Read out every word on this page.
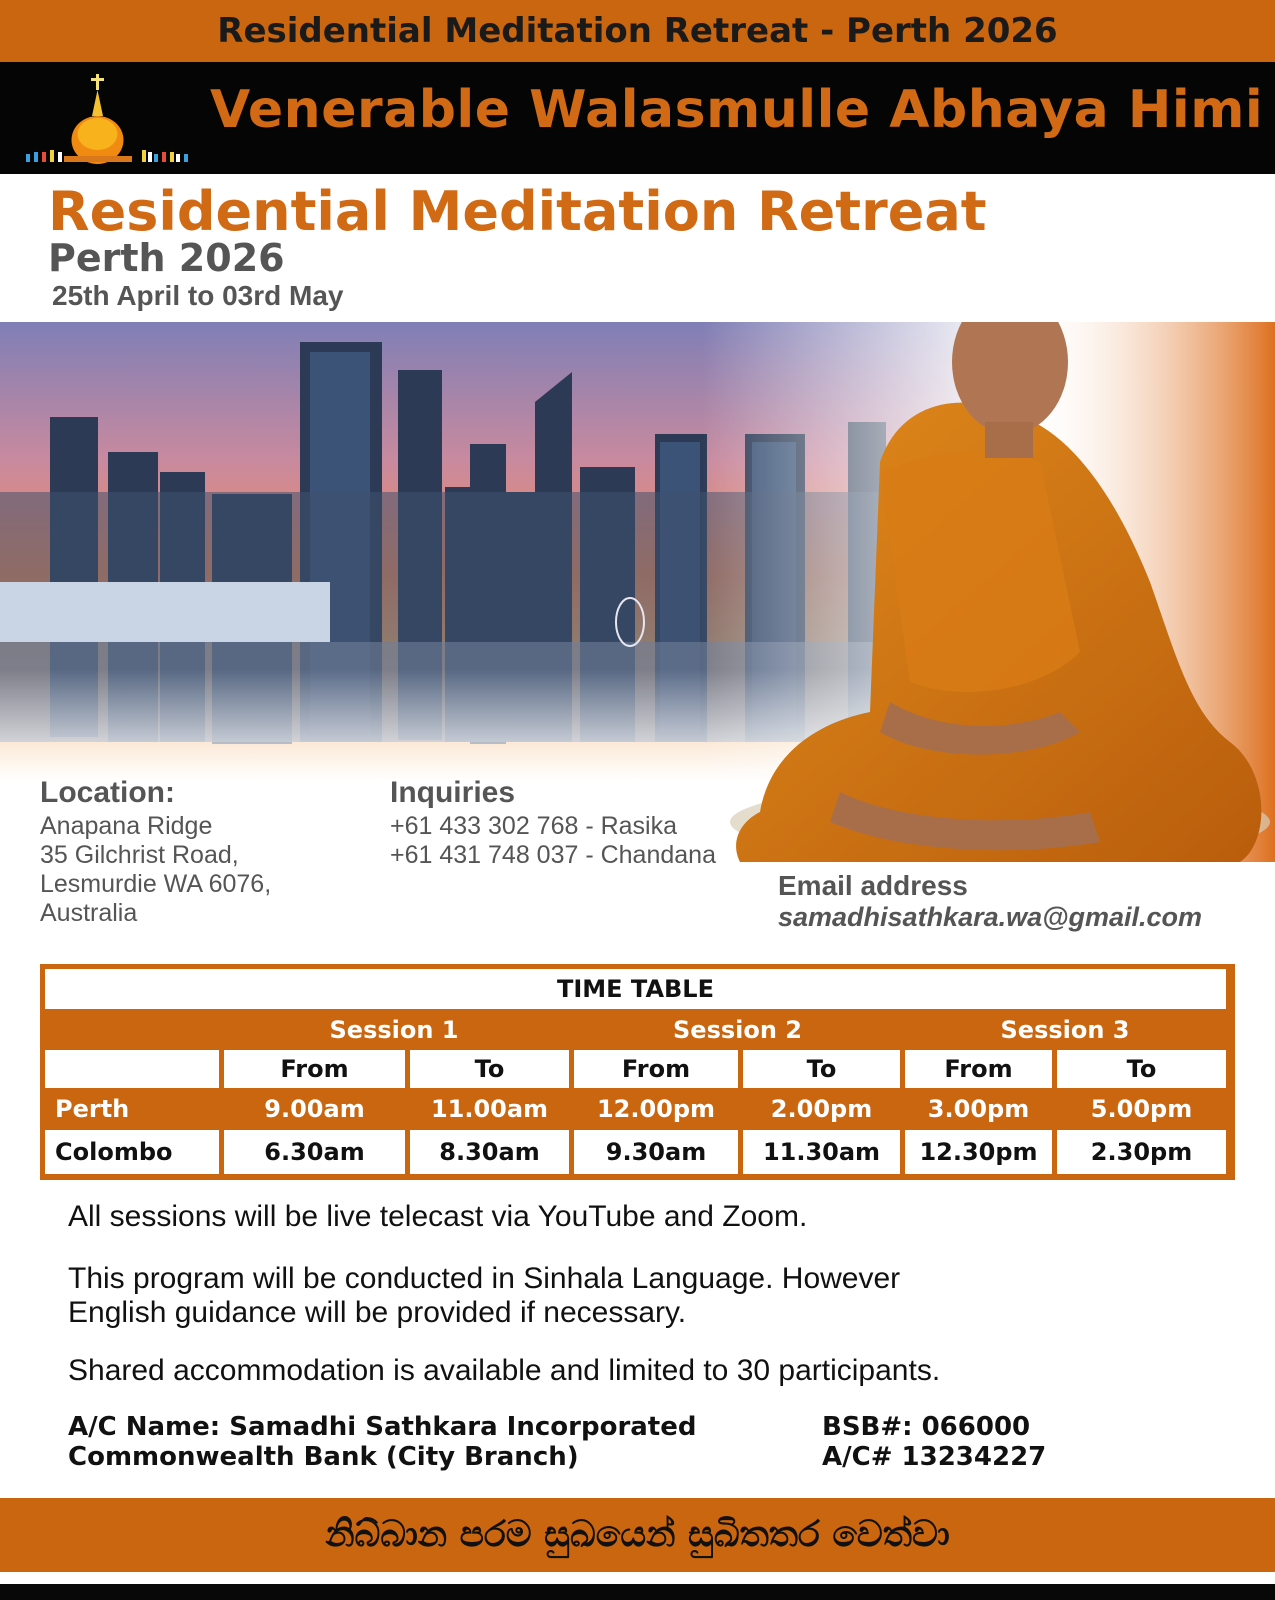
Residential Meditation Retreat - Perth 2026
Venerable Walasmulle Abhaya Himi
Residential Meditation Retreat
Perth 2026
25th April to 03rd May
Location:
Anapana Ridge
35 Gilchrist Road,
Lesmurdie WA 6076,
Australia
Inquiries
+61 433 302 768 - Rasika
+61 431 748 037 - Chandana
Email address
samadhisathkara.wa@gmail.com
TIME TABLE
Session 1	Session 2	Session 3
From	To	From	To	From	To
Perth	9.00am	11.00am	12.00pm	2.00pm	3.00pm	5.00pm
Colombo	6.30am	8.30am	9.30am	11.30am	12.30pm	2.30pm
All sessions will be live telecast via YouTube and Zoom.
This program will be conducted in Sinhala Language. However
English guidance will be provided if necessary.
Shared accommodation is available and limited to 30 participants.
A/C Name: Samadhi Sathkara Incorporated
Commonwealth Bank (City Branch)
BSB#: 066000
A/C# 13234227
නිබ්බාන පරම සුඛයෙන් සුඛිතතර වෙත්වා
